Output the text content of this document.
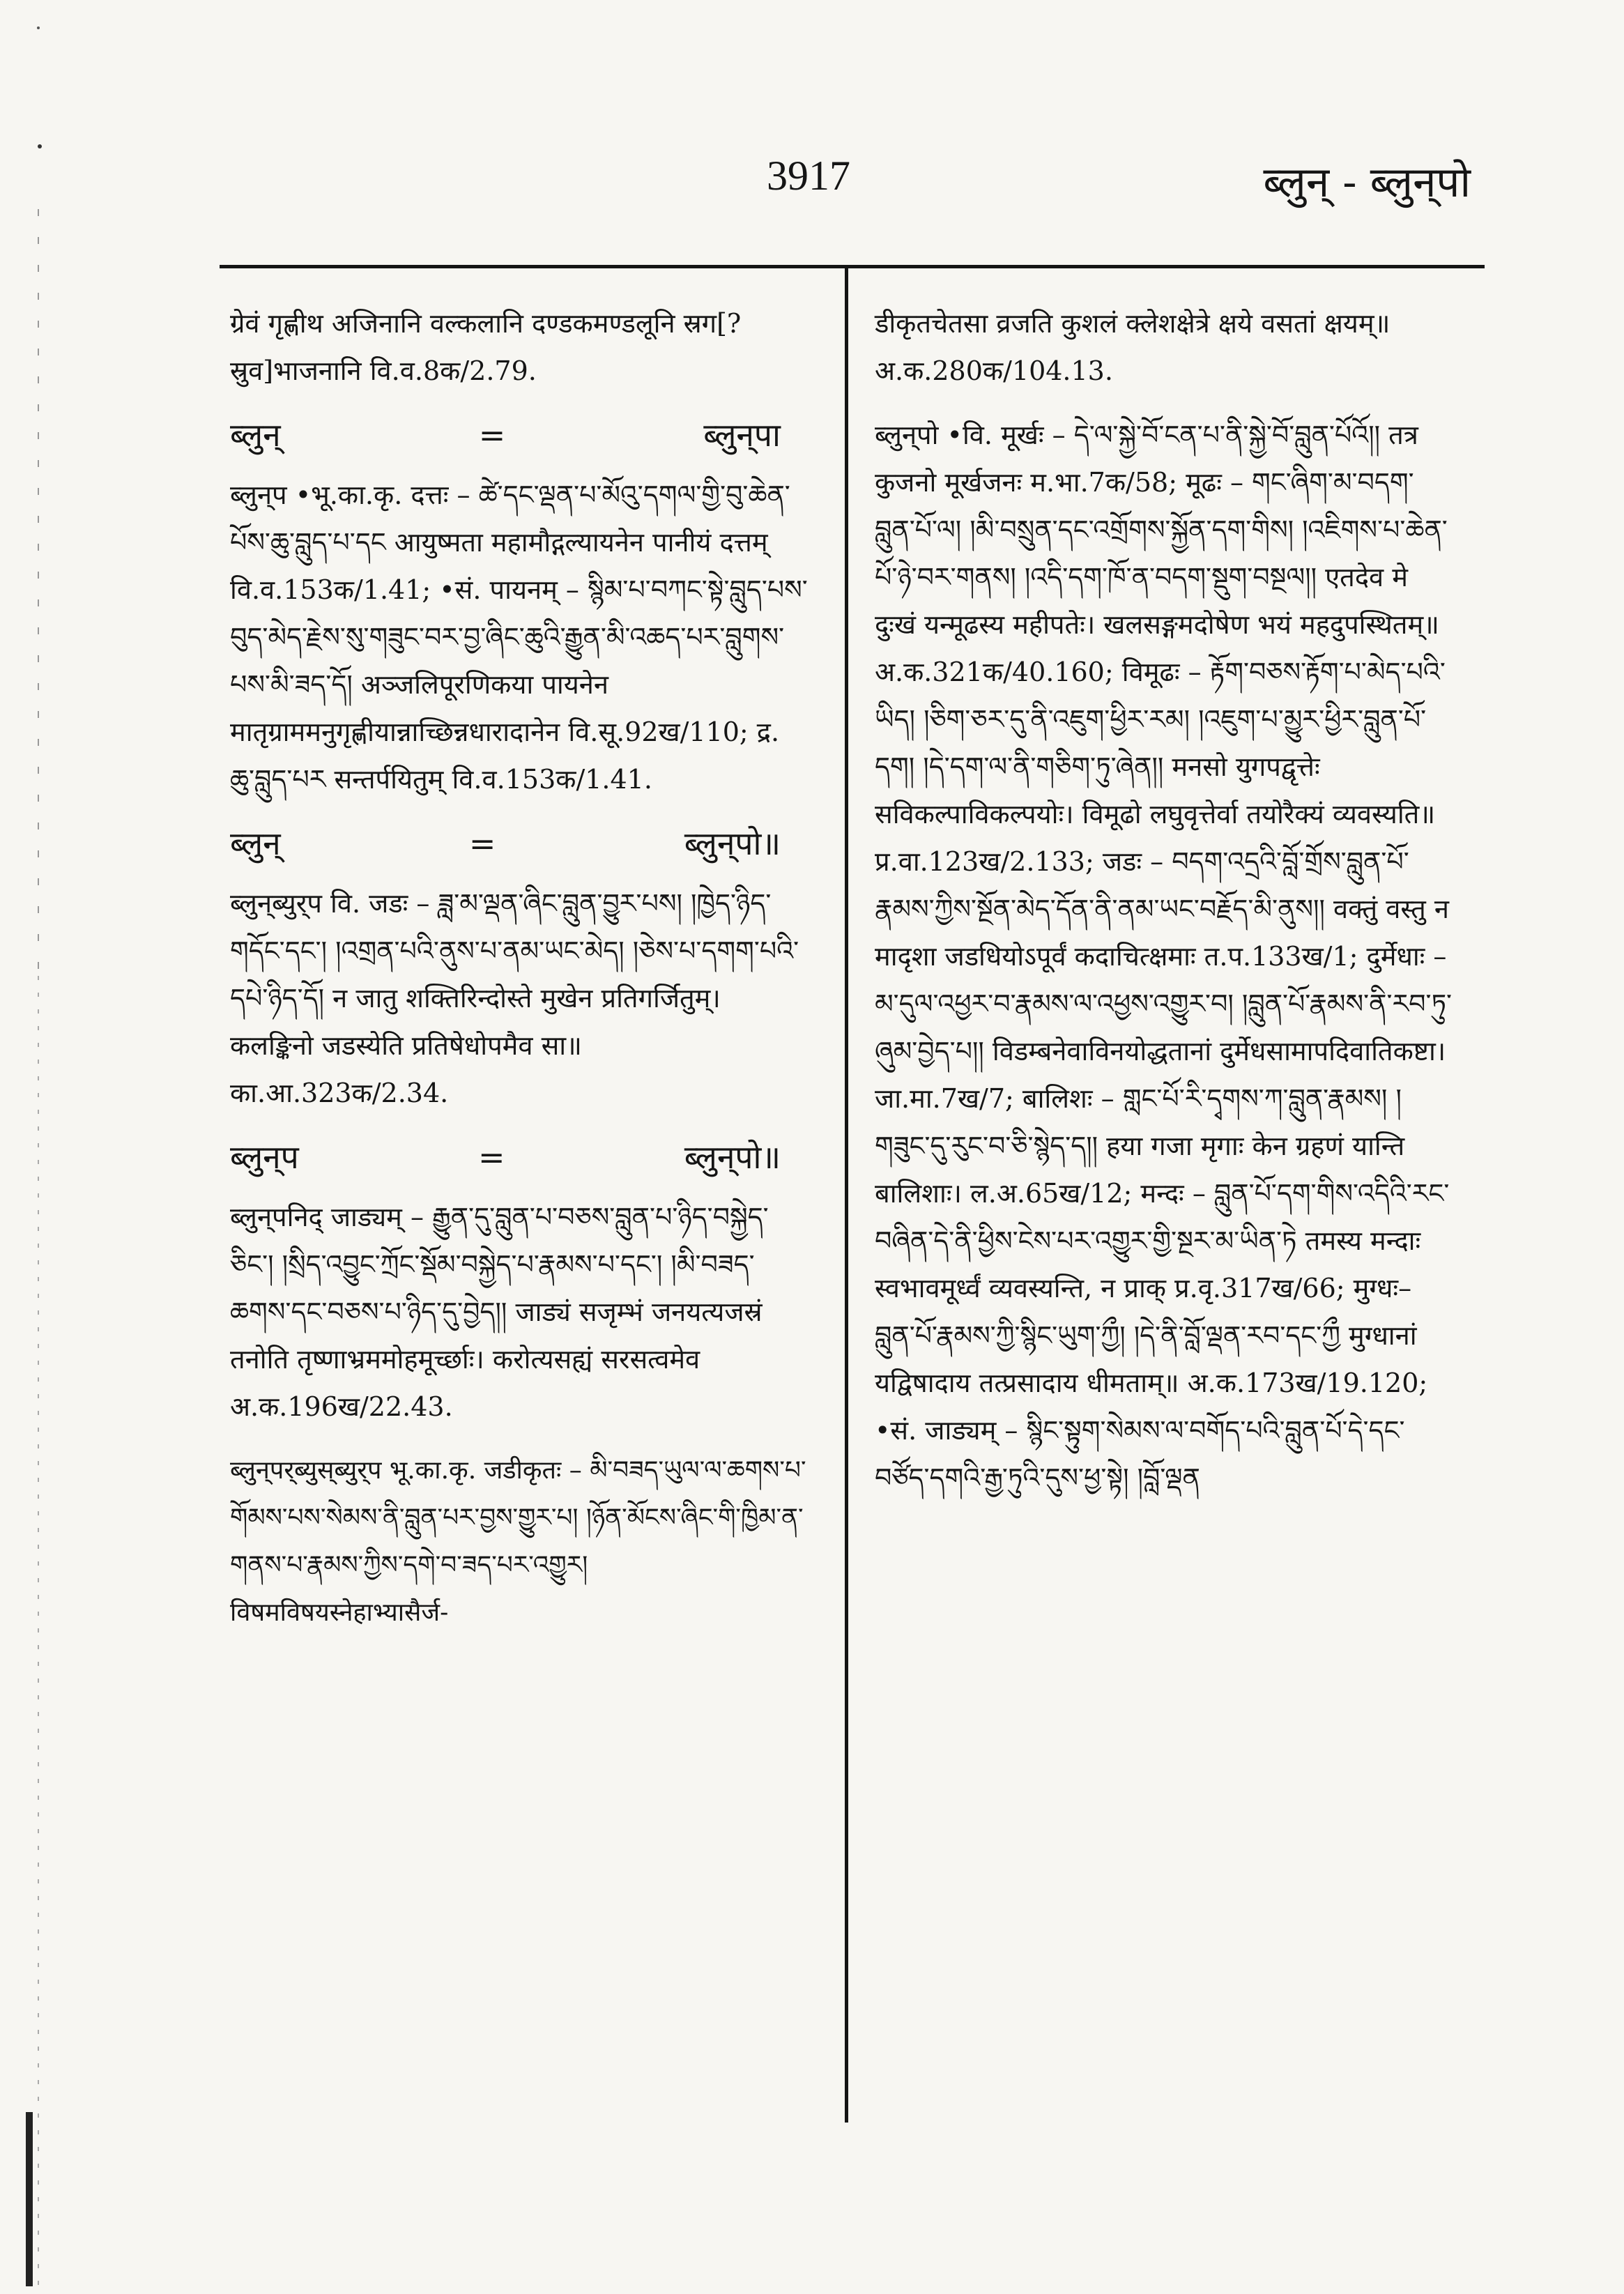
3917	ब्लुन्‌ - ब्लुन्‌पो
ग्रेवं गृह्णीथ अजिनानि वल्कलानि दण्डकमण्डलूनि स्रग[?स्रुव]भाजनानि वि.व.8क/2.79.
ब्लुन्‌	=	ब्लुन्‌पा
ब्लुन्‌प •भू.का.कृ. दत्तः – ཚེ་དང་ལྡན་པ་མོའུ་དགལ་གྱི་བུ་ཆེན་པོས་ཆུ་བླུད་པ་དང आयुष्मता महामौद्गल्यायनेन पानीयं दत्तम् वि.व.153क/1.41; •सं. पायनम् – སྙིམ་པ་བཀང་སྟེ་བླུད་པས་བུད་མེད་རྗེས་སུ་གཟུང་བར་བྱ་ཞིང་ཆུའི་རྒྱུན་མི་འཆད་པར་བླུགས་པས་མི་ཟད་དོ། अञ्जलिपूरणिकया पायनेन मातृग्राममनुगृह्णीयान्नाच्छिन्नधारादानेन वि.सू.92ख/110; द्र. ཆུ་བླུད་པར सन्तर्पयितुम् वि.व.153क/1.41.
ब्लुन्	=	ब्लुन्‌पो॥
ब्लुन्‌ब्युर्‌प वि. जडः – ཟླ་མ་ལྡན་ཞིང་བླུན་བྱུར་པས། །ཁྱེད་ཉིད་གདོང་དང་། །འགྲན་པའི་ནུས་པ་ནམ་ཡང་མེད། །ཅེས་པ་དགག་པའི་དཔེ་ཉིད་དོ། न जातु शक्तिरिन्दोस्ते मुखेन प्रतिगर्जितुम्। कलङ्किनो जडस्येति प्रतिषेधोपमैव सा॥ का.आ.323क/2.34.
ब्लुन्‌प	=	ब्लुन्‌पो॥
ब्लुन्‌पनिद् जाड्यम् – རྒྱུན་དུ་བླུན་པ་བཅས་བླུན་པ་ཉིད་བསྐྱེད་ཅིང་། །སྲིད་འབྱུང་ཀྲོང་སྡོམ་བསྐྱེད་པ་རྣམས་པ་དང་། །མི་བཟད་ཆགས་དང་བཅས་པ་ཉིད་དུ་བྱེད།། जाड्यं सजृम्भं जनयत्यजस्रं तनोति तृष्णाभ्रममोहमूर्च्छाः। करोत्यसह्यं सरसत्वमेव अ.क.196ख/22.43.
ब्लुन्‌पर्‌ब्युस्‌ब्युर्‌प भू.का.कृ. जडीकृतः – མི་བཟད་ཡུལ་ལ་ཆགས་པ་གོམས་པས་སེམས་ནི་བླུན་པར་བྱས་གྱུར་པ། །ཉོན་མོངས་ཞིང་གི་ཁྱིམ་ན་གནས་པ་རྣམས་ཀྱིས་དགེ་བ་ཟད་པར་འགྱུར། विषमविषयस्नेहाभ्यासैर्ज-
डीकृतचेतसा व्रजति कुशलं क्लेशक्षेत्रे क्षये वसतां क्षयम्॥ अ.क.280क/104.13.
ब्लुन्‌पो •वि. मूर्खः – དེ་ལ་སྐྱེ་བོ་ངན་པ་ནི་སྐྱེ་བོ་བླུན་པོའོ།། तत्र कुजनो मूर्खजनः म.भा.7क/58; मूढः – གང་ཞིག་མ་བདག་བླུན་པོ་ལ། །མི་བསྲུན་དང་འགྲོགས་སྐྱོན་དག་གིས། །འཇིགས་པ་ཆེན་པོ་ཉེ་བར་གནས། །འདི་དག་ཁོ་ན་བདག་སྡུག་བསྔལ།། एतदेव मे दुःखं यन्मूढस्य महीपतेः। खलसङ्गमदोषेण भयं महदुपस्थितम्॥ अ.क.321क/40.160; विमूढः – རྟོག་བཅས་རྟོག་པ་མེད་པའི་ཡིད། །ཅིག་ཅར་དུ་ནི་འཇུག་ཕྱིར་རམ། །འཇུག་པ་མྱུར་ཕྱིར་བླུན་པོ་དག། །དེ་དག་ལ་ནི་གཅིག་ཏུ་ཞེན།། मनसो युगपद्वृत्तेः सविकल्पाविकल्पयोः। विमूढो लघुवृत्तेर्वा तयोरैक्यं व्यवस्यति॥ प्र.वा.123ख/2.133; जडः – བདག་འདྲའི་བློ་གྲོས་བླུན་པོ་རྣམས་ཀྱིས་སྔོན་མེད་དོན་ནི་ནམ་ཡང་བརྗོད་མི་ནུས།། वक्तुं वस्तु न मादृशा जडधियोऽपूर्वं कदाचित्क्षमाः त.प.133ख/1; दुर्मेधाः – མ་དུལ་འཕྱར་བ་རྣམས་ལ་འཕྱས་འགྱུར་བ། །བླུན་པོ་རྣམས་ནི་རབ་ཏུ་ཞུམ་བྱེད་པ།། विडम्बनेवाविनयोद्धतानां दुर्मेधसामापदिवातिकष्टा। जा.मा.7ख/7; बालिशः – གླང་པོ་རི་དྭགས་ཀ་བླུན་རྣམས། །གཟུང་དུ་རུང་བ་ཅི་སྙེད་ད།། हया गजा मृगाः केन ग्रहणं यान्ति बालिशाः। ल.अ.65ख/12; मन्दः – བླུན་པོ་དག་གིས་འདིའི་རང་བཞིན་དེ་ནི་ཕྱིས་ངེས་པར་འགྱུར་གྱི་སྔར་མ་ཡིན་ཏེ तमस्य मन्दाः स्वभावमूर्ध्वं व्यवस्यन्ति, न प्राक् प्र.वृ.317ख/66; मुग्धः– བླུན་པོ་རྣམས་ཀྱི་སྙིང་ཡུག་ཀྱྀ། །དེ་ནི་བློ་ལྡན་རབ་དང་ཀྱྀ मुग्धानां यद्विषादाय तत्प्रसादाय धीमताम्॥ अ.क.173ख/19.120; •सं. जाड्यम् – སྙིང་སྟུག་སེམས་ལ་བགོད་པའི་བླུན་པོ་དེ་དང་བཙོད་དགའི་རྒྱ་ཏུའི་དུས་ཕྱ་སྟེ། །བློ་ལྡན
